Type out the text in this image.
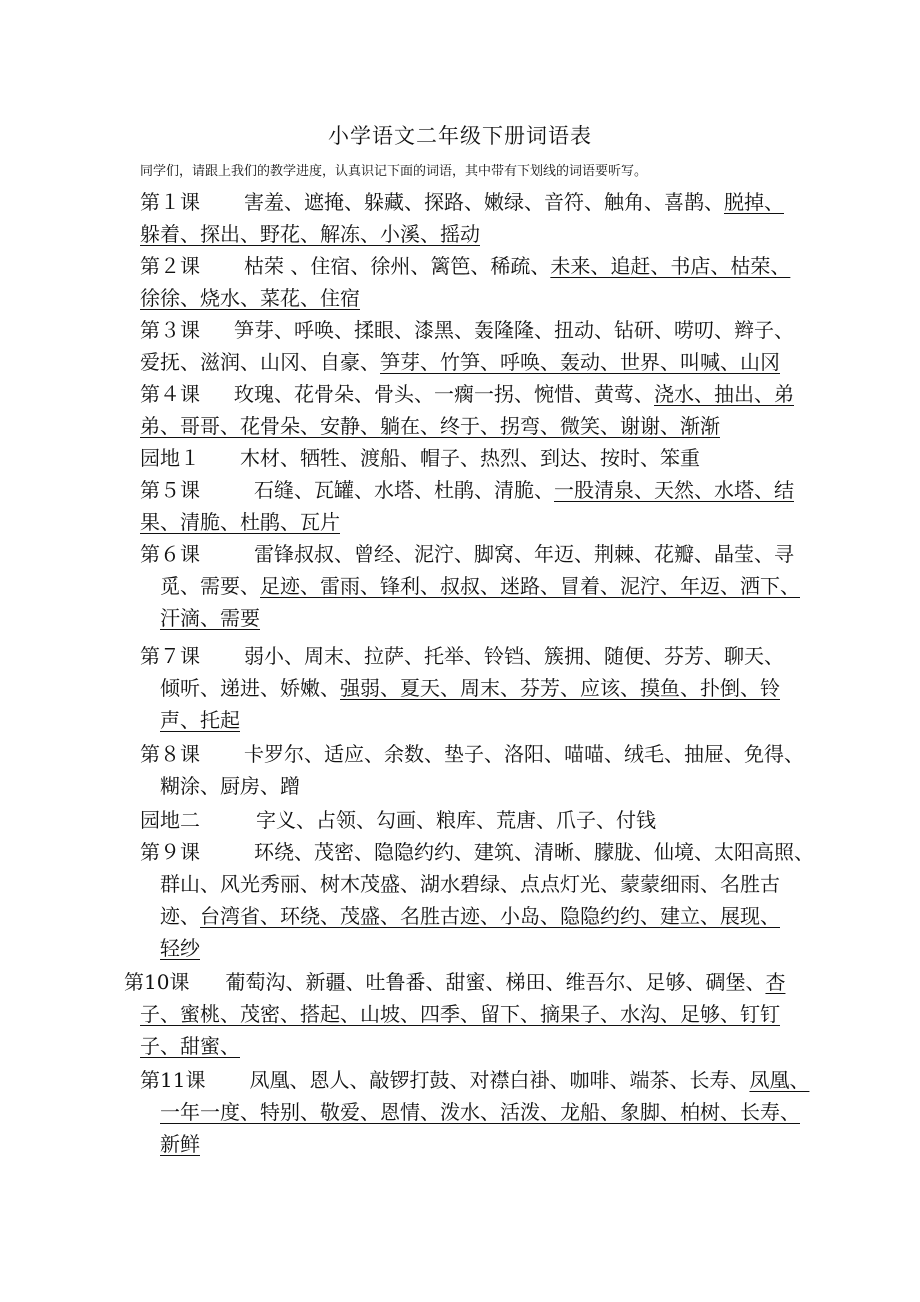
小学语文二年级下册词语表
同学们，请跟上我们的教学进度，认真识记下面的词语，其中带有下划线的词语要听写。
第１课 害羞、遮掩、躲藏、探路、嫩绿、音符、触角、喜鹊、脱掉、
躲着、探出、野花、解冻、小溪、摇动
第２课 枯荣 、住宿、徐州、篱笆、稀疏、未来、追赶、书店、枯荣、
徐徐、烧水、菜花、住宿
第３课 笋芽、呼唤、揉眼、漆黑、轰隆隆、扭动、钻研、唠叨、辫子、
爱抚、滋润、山冈、自豪、笋芽、竹笋、呼唤、轰动、世界、叫喊、山冈
第４课 玫瑰、花骨朵、骨头、一瘸一拐、惋惜、黄莺、浇水、抽出、弟
弟、哥哥、花骨朵、安静、躺在、终于、拐弯、微笑、谢谢、渐渐
园地１ 木材、牺牲、渡船、帽子、热烈、到达、按时、笨重
第５课	石缝、瓦罐、水塔、杜鹃、清脆、一股清泉、天然、水塔、结
果、清脆、杜鹃、瓦片
第６课	雷锋叔叔、曾经、泥泞、脚窝、年迈、荆棘、花瓣、晶莹、寻
觅、需要、足迹、雷雨、锋利、叔叔、迷路、冒着、泥泞、年迈、洒下、
汗滴、需要
第７课 弱小、周末、拉萨、托举、铃铛、簇拥、随便、芬芳、聊天、
倾听、递进、娇嫩、强弱、夏天、周末、芬芳、应该、摸鱼、扑倒、铃
声、托起
第８课 卡罗尔、适应、余数、垫子、洛阳、喵喵、绒毛、抽屉、免得、
糊涂、厨房、蹭
园地二	字义、占领、勾画、粮库、荒唐、爪子、付钱
第９课	环绕、茂密、隐隐约约、建筑、清晰、朦胧、仙境、太阳高照、
群山、风光秀丽、树木茂盛、湖水碧绿、点点灯光、蒙蒙细雨、名胜古
迹、台湾省、环绕、茂盛、名胜古迹、小岛、隐隐约约、建立、展现、
轻纱
第10课 葡萄沟、新疆、吐鲁番、甜蜜、梯田、维吾尔、足够、碉堡、杏
子、蜜桃、茂密、搭起、山坡、四季、留下、摘果子、水沟、足够、钉钉
子、甜蜜、
第11课 凤凰、恩人、敲锣打鼓、对襟白褂、咖啡、端茶、长寿、凤凰、
一年一度、特别、敬爱、恩情、泼水、活泼、龙船、象脚、柏树、长寿、
新鲜
